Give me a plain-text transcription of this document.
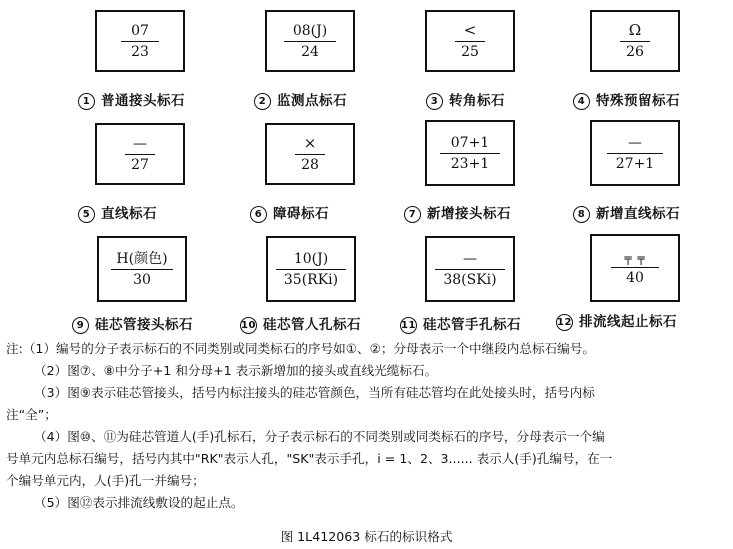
07
23
1 普通接头标石
08(J)
24
2 监测点标石
<
25
3 转角标石
Ω
26
4 特殊预留标石
—
27
5 直线标石
×
28
6 障碍标石
07+1
23+1
7 新增接头标石
—
27+1
8 新增直线标石
H(颜色)
30
9 硅芯管接头标石
10(J)
35(RKi)
10 硅芯管人孔标石
—
38(SKi)
11 硅芯管手孔标石
╤ ╤
40
12 排流线起止标石

注:（1）编号的分子表示标石的不同类别或同类标石的序号如①、②；分母表示一个中继段内总标石编号。

（2）图⑦、⑧中分子+1 和分母+1 表示新增加的接头或直线光缆标石。

（3）图⑨表示硅芯管接头，括号内标注接头的硅芯管颜色，当所有硅芯管均在此处接头时，括号内标

注“全”；

（4）图⑩、⑪为硅芯管道人(手)孔标石，分子表示标石的不同类别或同类标石的序号，分母表示一个编

号单元内总标石编号，括号内其中"RK"表示人孔，"SK"表示手孔，i = 1、2、3...... 表示人(手)孔编号，在一

个编号单元内，人(手)孔一并编号；

（5）图⑫表示排流线敷设的起止点。

图 1L412063 标石的标识格式
